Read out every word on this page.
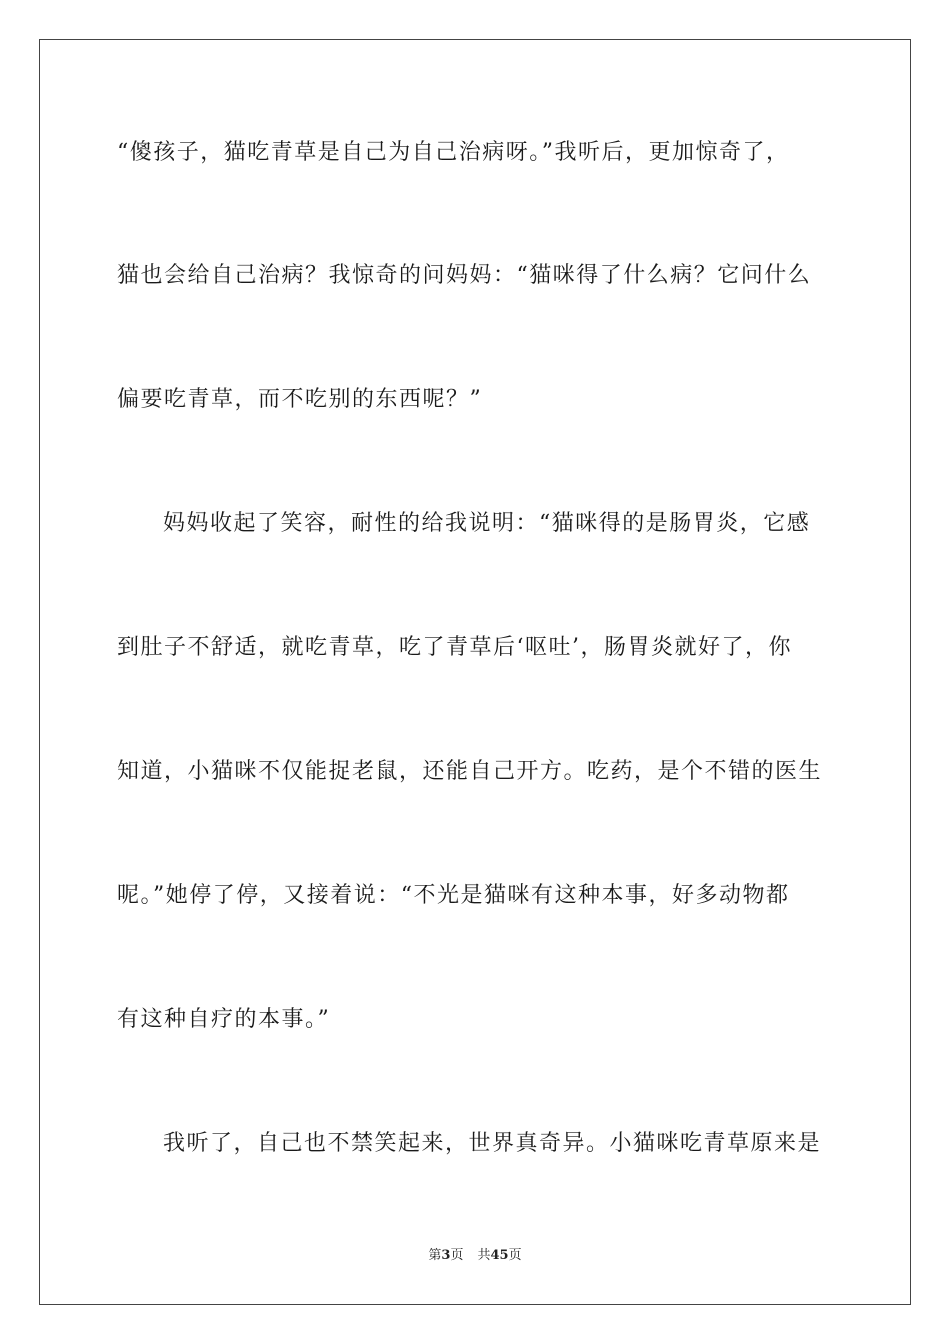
“傻孩子，猫吃青草是自己为自己治病呀。”我听后，更加惊奇了，
猫也会给自己治病？我惊奇的问妈妈：“猫咪得了什么病？它问什么
偏要吃青草，而不吃别的东西呢？”
妈妈收起了笑容，耐性的给我说明：“猫咪得的是肠胃炎，它感
到肚子不舒适，就吃青草，吃了青草后‘呕吐’，肠胃炎就好了，你
知道，小猫咪不仅能捉老鼠，还能自己开方。吃药，是个不错的医生
呢。”她停了停，又接着说：“不光是猫咪有这种本事，好多动物都
有这种自疗的本事。”
我听了，自己也不禁笑起来，世界真奇异。小猫咪吃青草原来是
第3页 共45页
